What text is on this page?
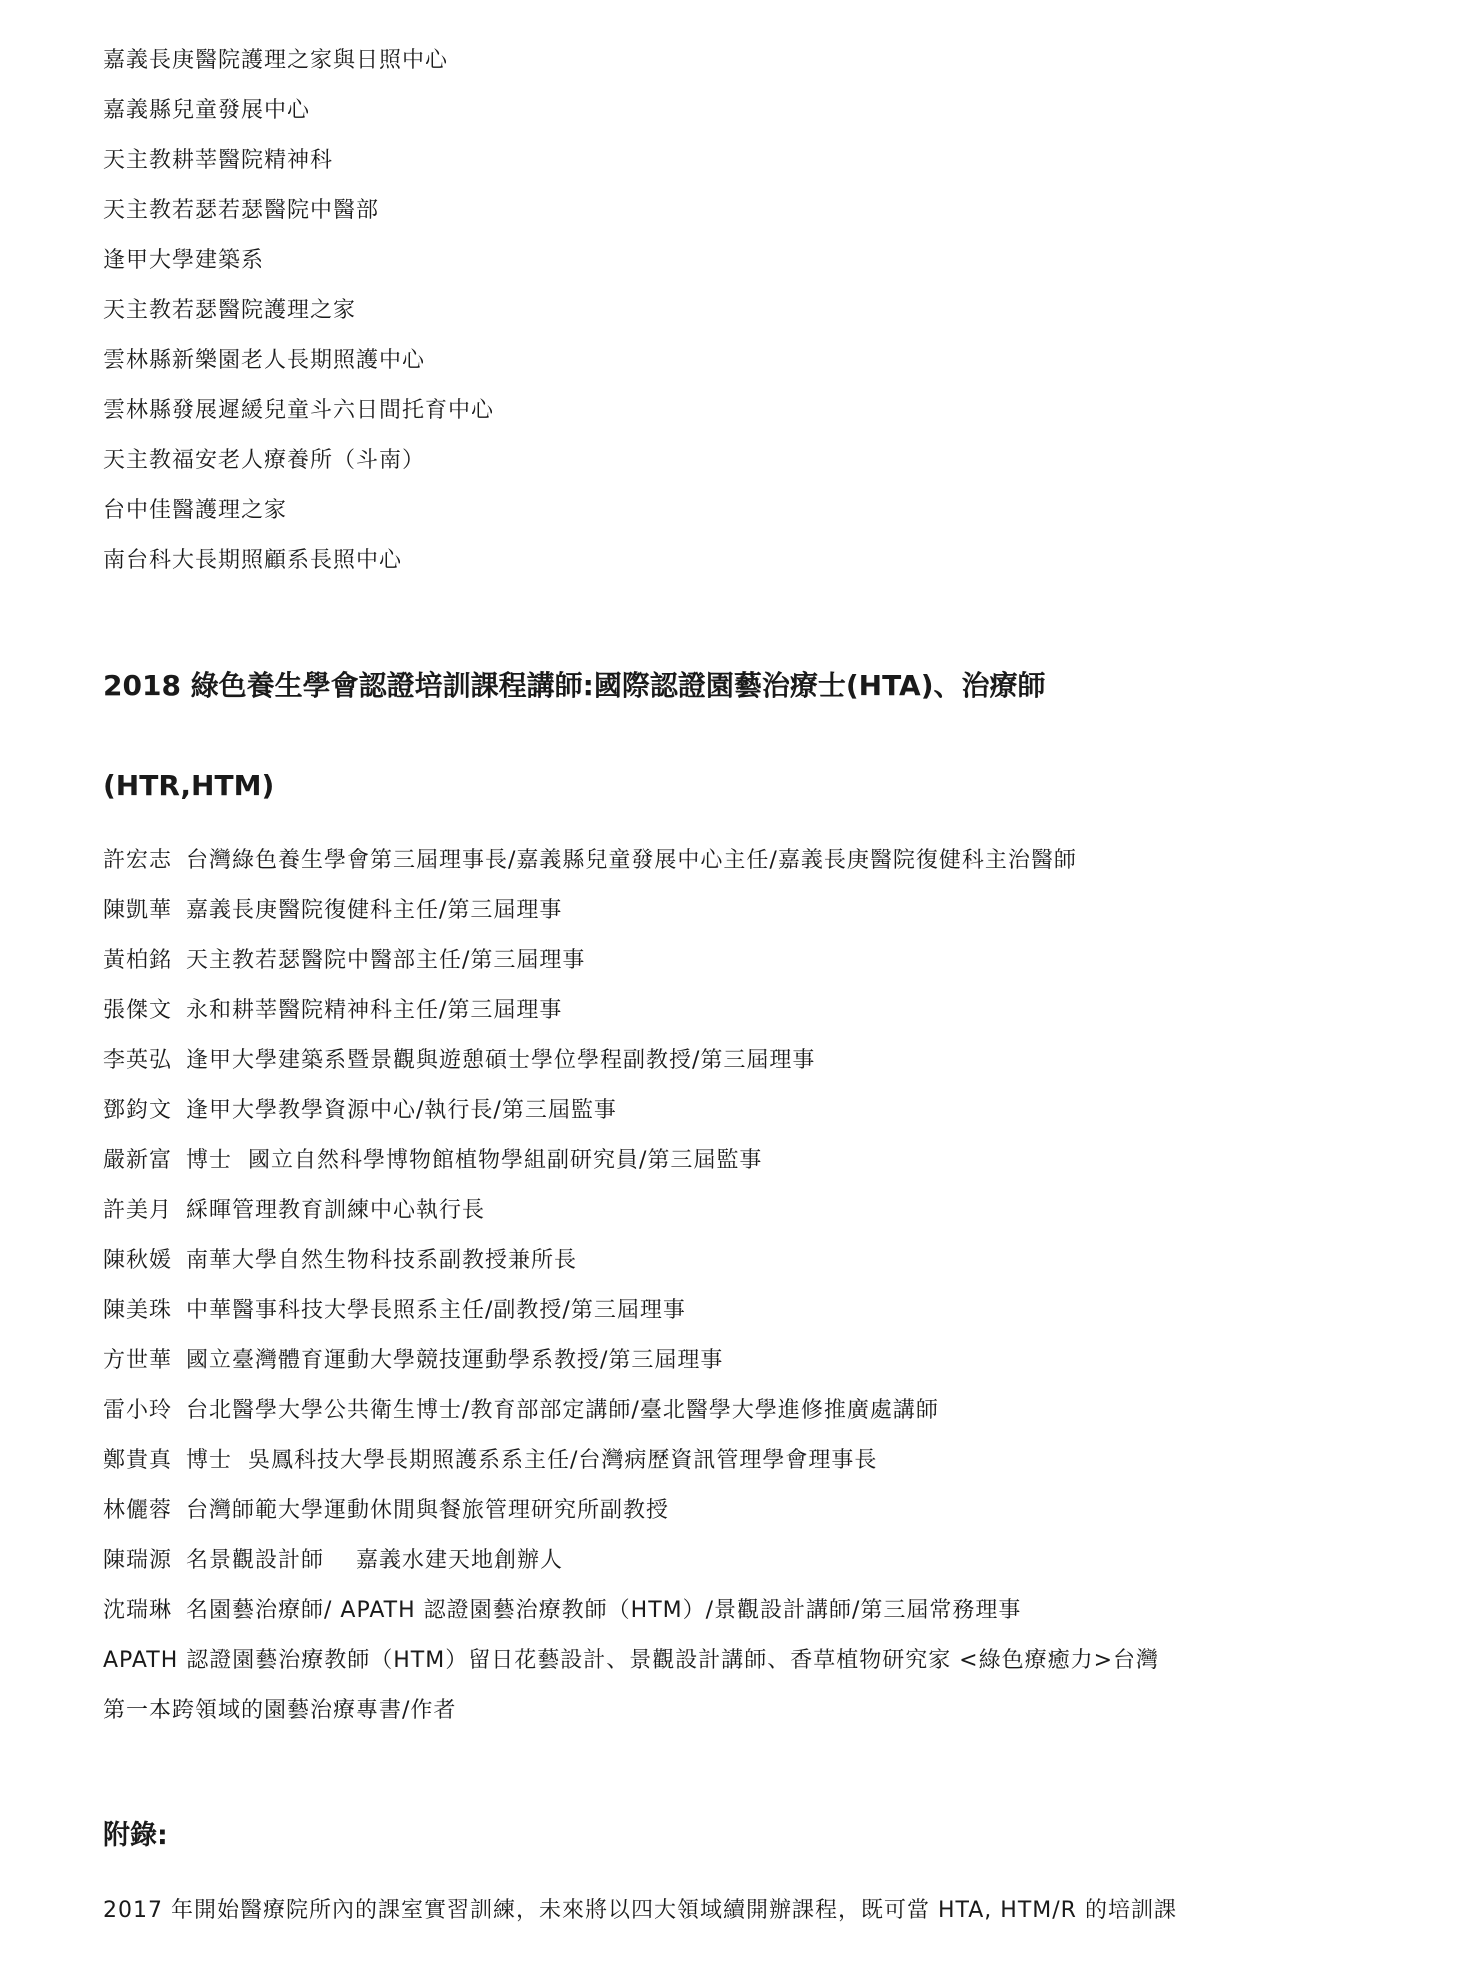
嘉義長庚醫院護理之家與日照中心
嘉義縣兒童發展中心
天主教耕莘醫院精神科
天主教若瑟若瑟醫院中醫部
逢甲大學建築系
天主教若瑟醫院護理之家
雲林縣新樂園老人長期照護中心
雲林縣發展遲緩兒童斗六日間托育中心
天主教福安老人療養所（斗南）
台中佳醫護理之家
南台科大長期照顧系長照中心
2018 綠色養生學會認證培訓課程講師:國際認證園藝治療士(HTA)、治療師
(HTR,HTM)
許宏志 台灣綠色養生學會第三屆理事長/嘉義縣兒童發展中心主任/嘉義長庚醫院復健科主治醫師
陳凱華 嘉義長庚醫院復健科主任/第三屆理事
黃柏銘 天主教若瑟醫院中醫部主任/第三屆理事
張傑文 永和耕莘醫院精神科主任/第三屆理事
李英弘 逢甲大學建築系暨景觀與遊憩碩士學位學程副教授/第三屆理事
鄧鈞文 逢甲大學教學資源中心/執行長/第三屆監事
嚴新富 博士  國立自然科學博物館植物學組副研究員/第三屆監事
許美月 綵暉管理教育訓練中心執行長
陳秋媛 南華大學自然生物科技系副教授兼所長
陳美珠 中華醫事科技大學長照系主任/副教授/第三屆理事
方世華 國立臺灣體育運動大學競技運動學系教授/第三屆理事
雷小玲 台北醫學大學公共衛生博士/教育部部定講師/臺北醫學大學進修推廣處講師
鄭貴真 博士  吳鳳科技大學長期照護系系主任/台灣病歷資訊管理學會理事長
林儷蓉 台灣師範大學運動休閒與餐旅管理研究所副教授
陳瑞源 名景觀設計師    嘉義水建天地創辦人
沈瑞琳 名園藝治療師/ APATH 認證園藝治療教師（HTM）/景觀設計講師/第三屆常務理事
APATH 認證園藝治療教師（HTM）留日花藝設計、景觀設計講師、香草植物研究家 <綠色療癒力>台灣
第一本跨領域的園藝治療專書/作者
附錄:
2017 年開始醫療院所內的課室實習訓練，未來將以四大領域續開辦課程，既可當 HTA, HTM/R 的培訓課
